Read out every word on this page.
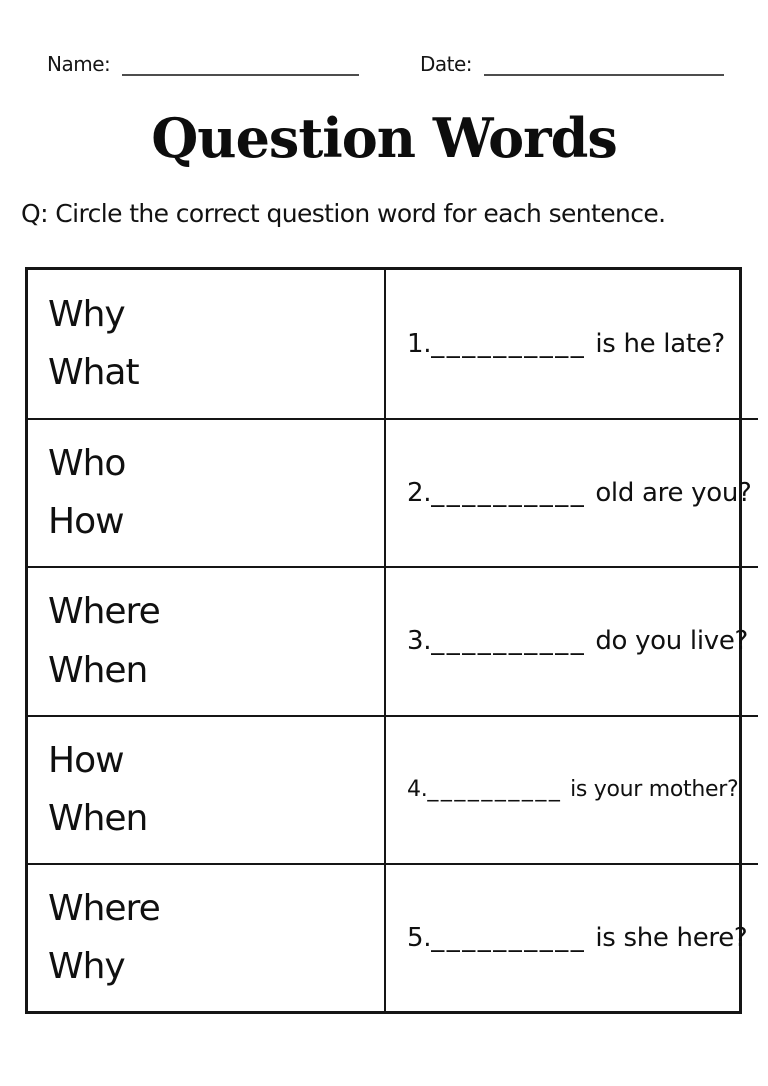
Name:	Date:
Question Words
Q: Circle the correct question word for each sentence.
Why
What
1.__________ is he late?
Who
How
2.__________ old are you?
Where
When
3.__________ do you live?
How
When
4.__________ is your mother?
Where
Why
5.__________ is she here?
